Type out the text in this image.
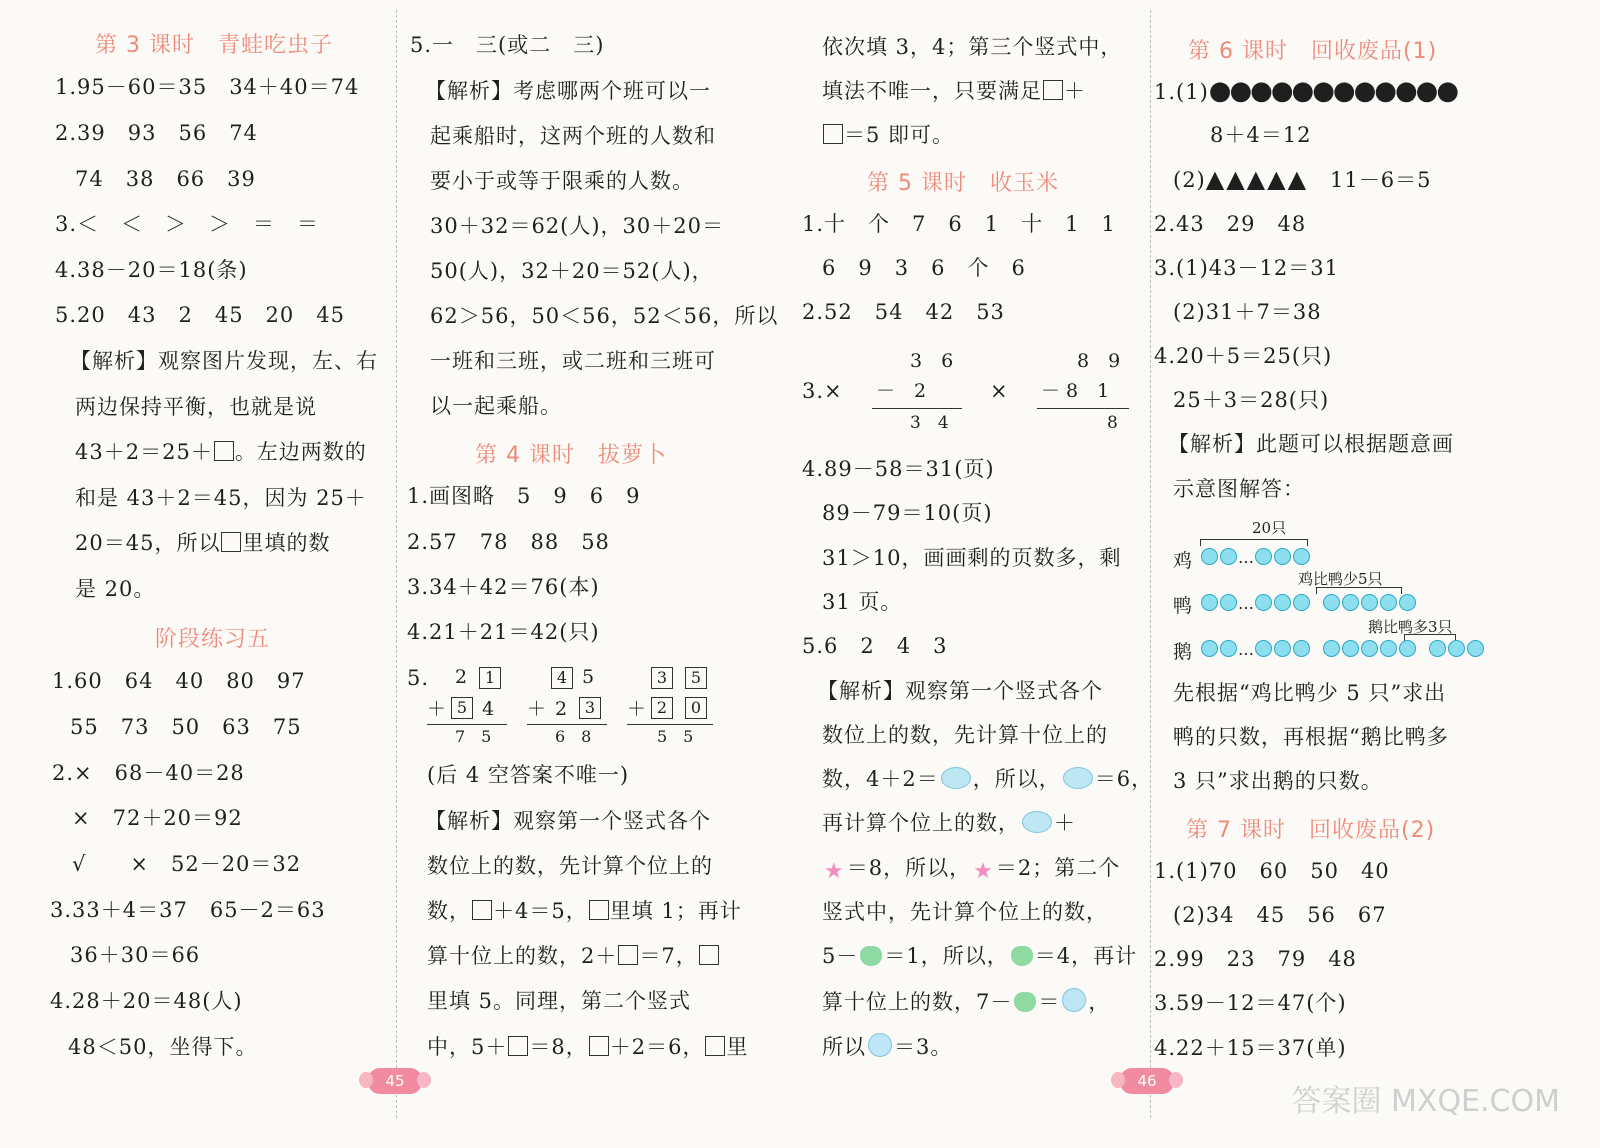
第 3 课时　青蛙吃虫子
1.95－60＝35　34＋40＝74
2.39　93　56　74
74　38　66　39
3.＜　＜　＞　＞　＝　＝
4.38－20＝18(条)
5.20　43　2　45　20　45
【解析】观察图片发现，左、右
两边保持平衡，也就是说
43＋2＝25＋ 。左边两数的
和是 43＋2＝45，因为 25＋
20＝45，所以 里填的数
是 20。
阶段练习五
1.60　64　40　80　97
55　73　50　63　75
2.×　68－40＝28
×　72＋20＝92
√　　×　52－20＝32
3.33＋4＝37　65－2＝63
36＋30＝66
4.28＋20＝48(人)
48＜50，坐得下。
5.一　三(或二　三)
【解析】考虑哪两个班可以一
起乘船时，这两个班的人数和
要小于或等于限乘的人数。
30＋32＝62(人)，30＋20＝
50(人)，32＋20＝52(人)，
62＞56，50＜56，52＜56，所以
一班和三班，或二班和三班可
以一起乘船。
第 4 课时　拔萝卜
1.画图略　5　9　6　9
2.57　78　88　58
3.34＋42＝76(本)
4.21＋21＝42(只)
5. 2	1
＋ 5 4
7　5
4 5
＋ 2	3
6　8
3	5
＋ 2	0
5　5
(后 4 空答案不唯一)
【解析】观察第一个竖式各个
数位上的数，先计算个位上的
数， ＋4＝5， 里填 1；再计
算十位上的数，2＋ ＝7，
里填 5。同理，第二个竖式
中，5＋ ＝8， ＋2＝6， 里
45
依次填 3，4；第三个竖式中，
填法不唯一，只要满足 ＋
＝5 即可。
第 5 课时　收玉米
1.十　个　7　6　1　十　1　1
6　9　3　6　个　6
2.52　54　42　53
3.×
3　6
－　2
3　4
×
8　9
－ 8　1
8
4.89－58＝31(页)
89－79＝10(页)
31＞10，画画剩的页数多，剩
31 页。
5.6　2　4　3
【解析】观察第一个竖式各个
数位上的数，先计算十位上的
数，4＋2＝ ，所以， ＝6，
再计算个位上的数， ＋
★＝8，所以，★＝2；第二个
竖式中，先计算个位上的数，
5－ ＝1，所以， ＝4，再计
算十位上的数，7－ ＝ ，
所以 ＝3。
第 6 课时　回收废品(1)
1.(1)●●●●●●●●●●●●
8＋4＝12
(2)▲▲▲▲▲　11－6＝5
2.43　29　48
3.(1)43－12＝31
(2)31＋7＝38
4.20＋5＝25(只)
25＋3＝28(只)
【解析】此题可以根据题意画
示意图解答：
20只
鸡	…
鸡比鸭少5只
鸭	…
鹅比鸭多3只
鹅	…
先根据“鸡比鸭少 5 只”求出
鸭的只数，再根据“鹅比鸭多
3 只”求出鹅的只数。
第 7 课时　回收废品(2)
1.(1)70　60　50　40
(2)34　45　56　67
2.99　23　79　48
3.59－12＝47(个)
4.22＋15＝37(单)
46
答案圈 MXQE.COM
